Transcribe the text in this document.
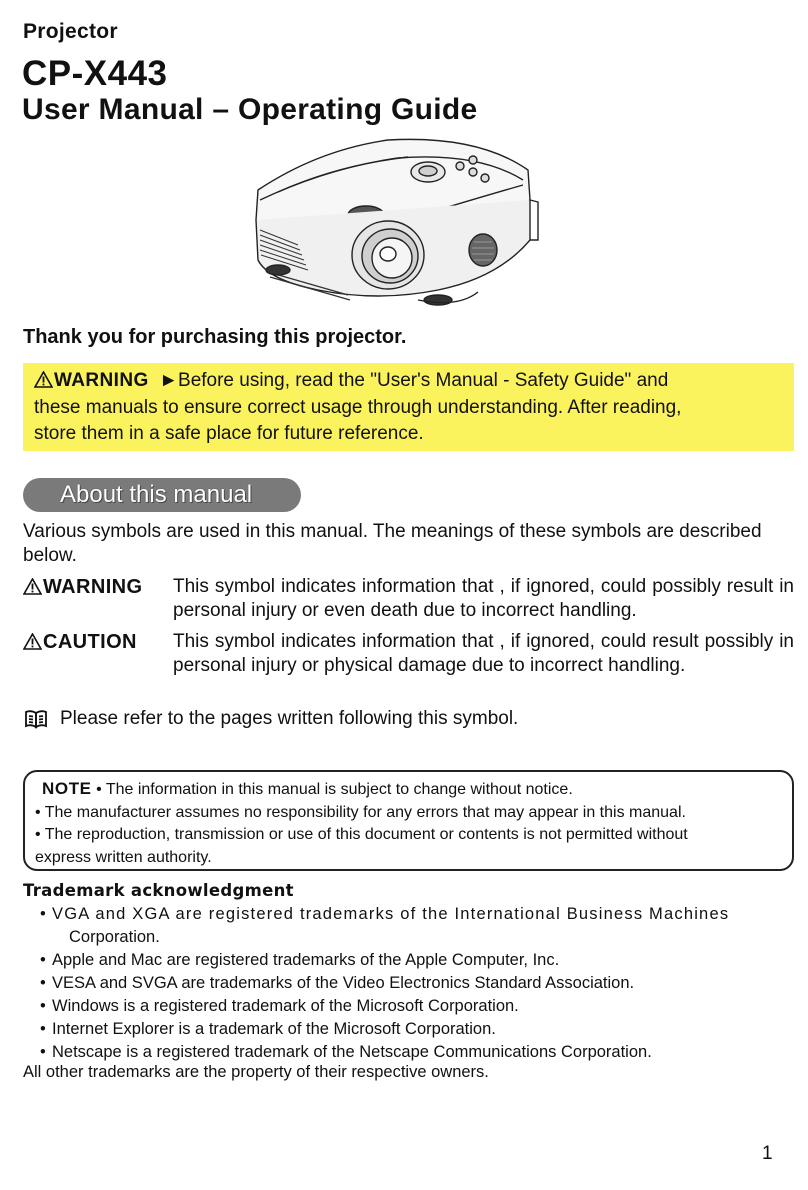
Projector
CP-X443
User Manual – Operating Guide
Thank you for purchasing this projector.
WARNING ►Before using, read the "User's Manual - Safety Guide" and
these manuals to ensure correct usage through understanding. After reading,
store them in a safe place for future reference.
About this manual
Various symbols are used in this manual. The meanings of these symbols are described below.
WARNING This symbol indicates information that , if ignored, could possibly result in personal injury or even death due to incorrect handling.
CAUTION This symbol indicates information that , if ignored, could result possibly in personal injury or physical damage due to incorrect handling.
Please refer to the pages written following this symbol.
NOTE • The information in this manual is subject to change without notice.
• The manufacturer assumes no responsibility for any errors that may appear in this manual.
• The reproduction, transmission or use of this document or contents is not permitted without
express written authority.
Trademark acknowledgment
• VGA and XGA are registered trademarks of the International Business Machines
Corporation.
• Apple and Mac are registered trademarks of the Apple Computer, Inc.
• VESA and SVGA are trademarks of the Video Electronics Standard Association.
• Windows is a registered trademark of the Microsoft Corporation.
• Internet Explorer is a trademark of the Microsoft Corporation.
• Netscape is a registered trademark of the Netscape Communications Corporation.
All other trademarks are the property of their respective owners.
1
